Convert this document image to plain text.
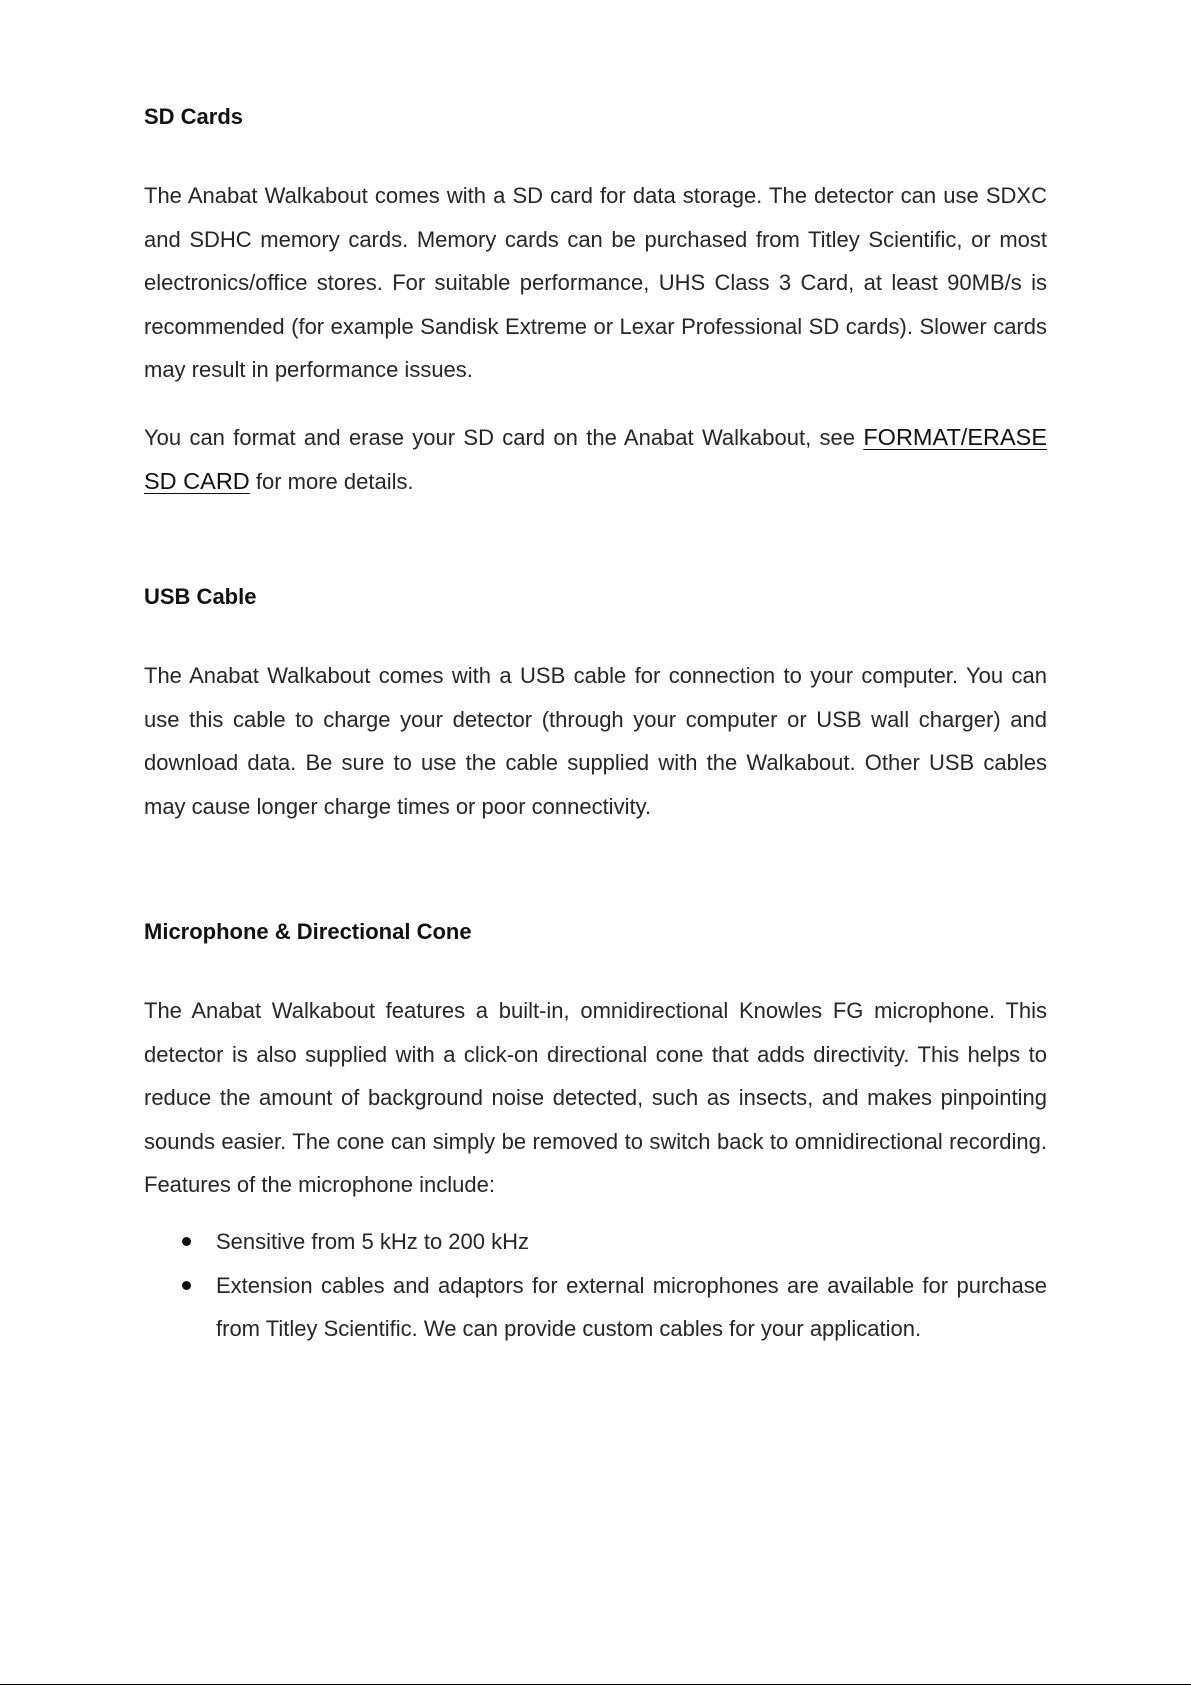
SD Cards

The Anabat Walkabout comes with a SD card for data storage. The detector can use SDXC and SDHC memory cards. Memory cards can be purchased from Titley Scientific, or most electronics/office stores. For suitable performance, UHS Class 3 Card, at least 90MB/s is recommended (for example Sandisk Extreme or Lexar Professional SD cards). Slower cards may result in performance issues.

You can format and erase your SD card on the Anabat Walkabout, see FORMAT/ERASE SD CARD for more details.

USB Cable

The Anabat Walkabout comes with a USB cable for connection to your computer. You can use this cable to charge your detector (through your computer or USB wall charger) and download data. Be sure to use the cable supplied with the Walkabout. Other USB cables may cause longer charge times or poor connectivity.

Microphone & Directional Cone

The Anabat Walkabout features a built-in, omnidirectional Knowles FG microphone. This detector is also supplied with a click-on directional cone that adds directivity. This helps to reduce the amount of background noise detected, such as insects, and makes pinpointing sounds easier. The cone can simply be removed to switch back to omnidirectional recording. Features of the microphone include:

Sensitive from 5 kHz to 200 kHz
Extension cables and adaptors for external microphones are available for purchase from Titley Scientific. We can provide custom cables for your application.
